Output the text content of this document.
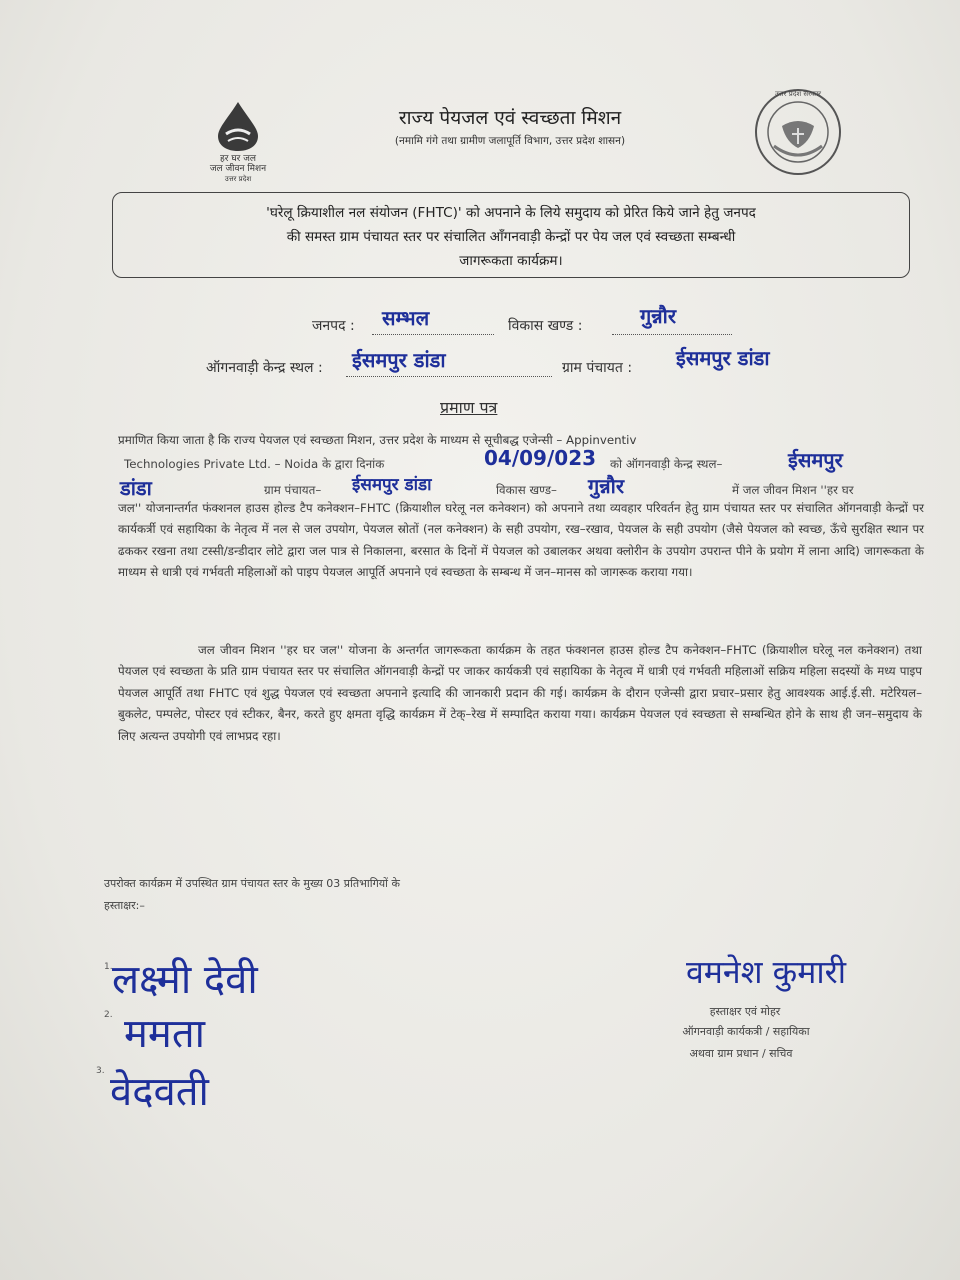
हर घर जल
जल जीवन मिशन
उत्तर प्रदेश
राज्य पेयजल एवं स्वच्छता मिशन
(नमामि गंगे तथा ग्रामीण जलापूर्ति विभाग, उत्तर प्रदेश शासन)
उत्तर प्रदेश सरकार
'घरेलू क्रियाशील नल संयोजन (FHTC)' को अपनाने के लिये समुदाय को प्रेरित किये जाने हेतु जनपद
की समस्त ग्राम पंचायत स्तर पर संचालित आँगनवाड़ी केन्द्रों पर पेय जल एवं स्वच्छता सम्बन्धी
जागरूकता कार्यक्रम।
जनपद : सम्भल	विकास खण्ड :	गुन्नौर
ऑगनवाड़ी केन्द्र स्थल : ईसमपुर डांडा	ग्राम पंचायत : ईसमपुर डांडा
प्रमाण पत्र
प्रमाणित किया जाता है कि राज्य पेयजल एवं स्वच्छता मिशन, उत्तर प्रदेश के माध्यम से सूचीबद्ध एजेन्सी – Appinventiv
Technologies Private Ltd. – Noida के द्वारा दिनांक	04/09/023 को ऑगनवाड़ी केन्द्र स्थल–	ईसमपुर
डांडा	ग्राम पंचायत– ईसमपुर डांडा	विकास खण्ड– गुन्नौर	में जल जीवन मिशन ''हर घर
जल'' योजनान्तर्गत फंक्शनल हाउस होल्ड टैप कनेक्शन–FHTC (क्रियाशील घरेलू नल कनेक्शन) को अपनाने तथा व्यवहार परिवर्तन हेतु ग्राम पंचायत स्तर पर संचालित ऑगनवाड़ी केन्द्रों पर कार्यकर्त्री एवं सहायिका के नेतृत्व में नल से जल उपयोग, पेयजल स्रोतों (नल कनेक्शन) के सही उपयोग, रख–रखाव, पेयजल के सही उपयोग (जैसे पेयजल को स्वच्छ, ऊँचे सुरक्षित स्थान पर ढककर रखना तथा टस्सी/डन्डीदार लोटे द्वारा जल पात्र से निकालना, बरसात के दिनों में पेयजल को उबालकर अथवा क्लोरीन के उपयोग उपरान्त पीने के प्रयोग में लाना आदि) जागरूकता के माध्यम से धात्री एवं गर्भवती महिलाओं को पाइप पेयजल आपूर्ति अपनाने एवं स्वच्छता के सम्बन्ध में जन–मानस को जागरूक कराया गया।
जल जीवन मिशन ''हर घर जल'' योजना के अन्तर्गत जागरूकता कार्यक्रम के तहत फंक्शनल हाउस होल्ड टैप कनेक्शन–FHTC (क्रियाशील घरेलू नल कनेक्शन) तथा पेयजल एवं स्वच्छता के प्रति ग्राम पंचायत स्तर पर संचालित ऑगनवाड़ी केन्द्रों पर जाकर कार्यकत्री एवं सहायिका के नेतृत्व में धात्री एवं गर्भवती महिलाओं सक्रिय महिला सदस्यों के मध्य पाइप पेयजल आपूर्ति तथा FHTC एवं शुद्ध पेयजल एवं स्वच्छता अपनाने इत्यादि की जानकारी प्रदान की गई। कार्यक्रम के दौरान एजेन्सी द्वारा प्रचार–प्रसार हेतु आवश्यक आई.ई.सी. मटेरियल–बुकलेट, पम्पलेट, पोस्टर एवं स्टीकर, बैनर, करते हुए क्षमता वृद्धि कार्यक्रम में टेक्–रेख में सम्पादित कराया गया। कार्यक्रम पेयजल एवं स्वच्छता से सम्बन्धित होने के साथ ही जन–समुदाय के लिए अत्यन्त उपयोगी एवं लाभप्रद रहा।
उपरोक्त कार्यक्रम में उपस्थित ग्राम पंचायत स्तर के मुख्य 03 प्रतिभागियों के
हस्ताक्षर:–
1. लक्ष्मी देवी
2. ममता
3. वेदवती
वमनेश कुमारी
हस्ताक्षर एवं मोहर
ऑगनवाड़ी कार्यकत्री / सहायिका
अथवा ग्राम प्रधान / सचिव
